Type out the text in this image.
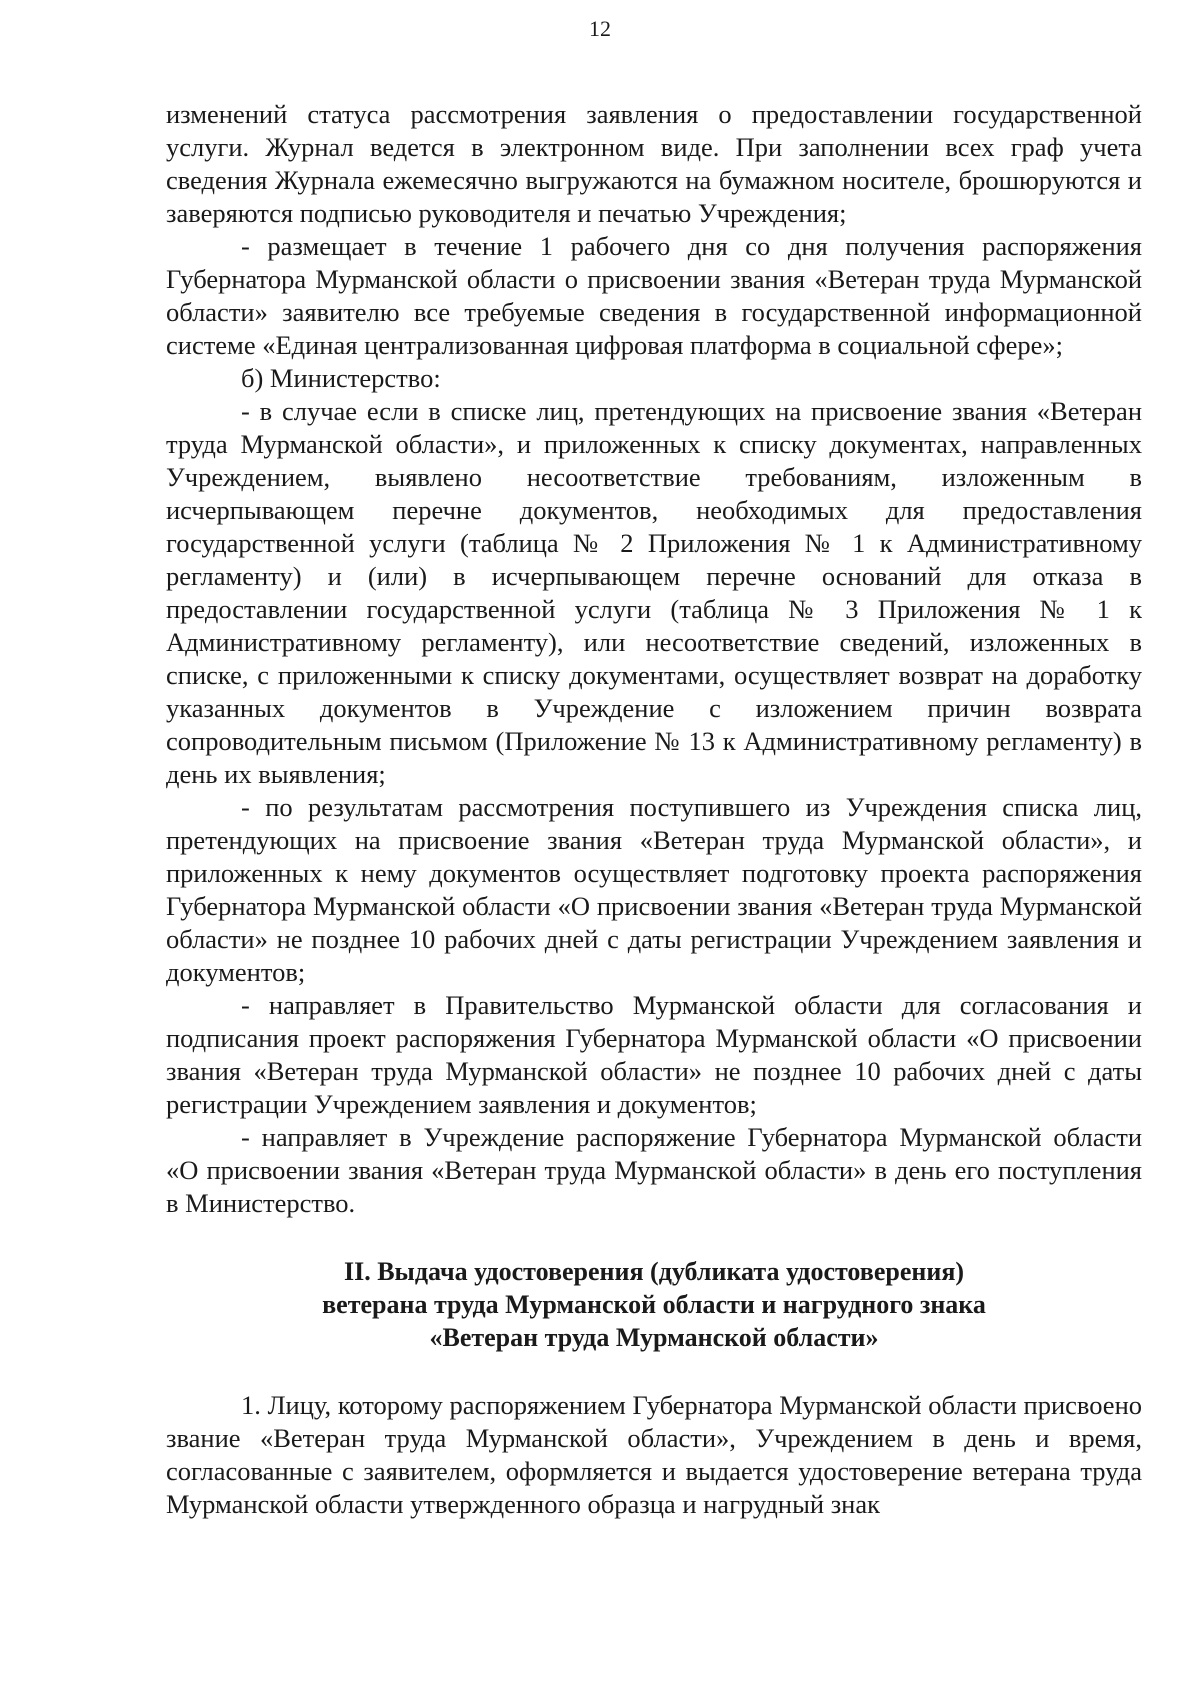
12

изменений статуса рассмотрения заявления о предоставлении государственной услуги. Журнал ведется в электронном виде. При заполнении всех граф учета сведения Журнала ежемесячно выгружаются на бумажном носителе, брошюруются и заверяются подписью руководителя и печатью Учреждения;

- размещает в течение 1 рабочего дня со дня получения распоряжения Губернатора Мурманской области о присвоении звания «Ветеран труда Мурманской области» заявителю все требуемые сведения в государственной информационной системе «Единая централизованная цифровая платформа в социальной сфере»;

б) Министерство:

- в случае если в списке лиц, претендующих на присвоение звания «Ветеран труда Мурманской области», и приложенных к списку документах, направленных Учреждением, выявлено несоответствие требованиям, изложенным в исчерпывающем перечне документов, необходимых для предоставления государственной услуги (таблица № 2 Приложения № 1 к Административному регламенту) и (или) в исчерпывающем перечне оснований для отказа в предоставлении государственной услуги (таблица № 3 Приложения № 1 к Административному регламенту), или несоответствие сведений, изложенных в списке, с приложенными к списку документами, осуществляет возврат на доработку указанных документов в Учреждение с изложением причин возврата сопроводительным письмом (Приложение № 13 к Административному регламенту) в день их выявления;

- по результатам рассмотрения поступившего из Учреждения списка лиц, претендующих на присвоение звания «Ветеран труда Мурманской области», и приложенных к нему документов осуществляет подготовку проекта распоряжения Губернатора Мурманской области «О присвоении звания «Ветеран труда Мурманской области» не позднее 10 рабочих дней с даты регистрации Учреждением заявления и документов;

- направляет в Правительство Мурманской области для согласования и подписания проект распоряжения Губернатора Мурманской области «О присвоении звания «Ветеран труда Мурманской области» не позднее 10 рабочих дней с даты регистрации Учреждением заявления и документов;

- направляет в Учреждение распоряжение Губернатора Мурманской области «О присвоении звания «Ветеран труда Мурманской области» в день его поступления в Министерство.

II. Выдача удостоверения (дубликата удостоверения)
ветерана труда Мурманской области и нагрудного знака
«Ветеран труда Мурманской области»

1. Лицу, которому распоряжением Губернатора Мурманской области присвоено звание «Ветеран труда Мурманской области», Учреждением в день и время, согласованные с заявителем, оформляется и выдается удостоверение ветерана труда Мурманской области утвержденного образца и нагрудный знак
